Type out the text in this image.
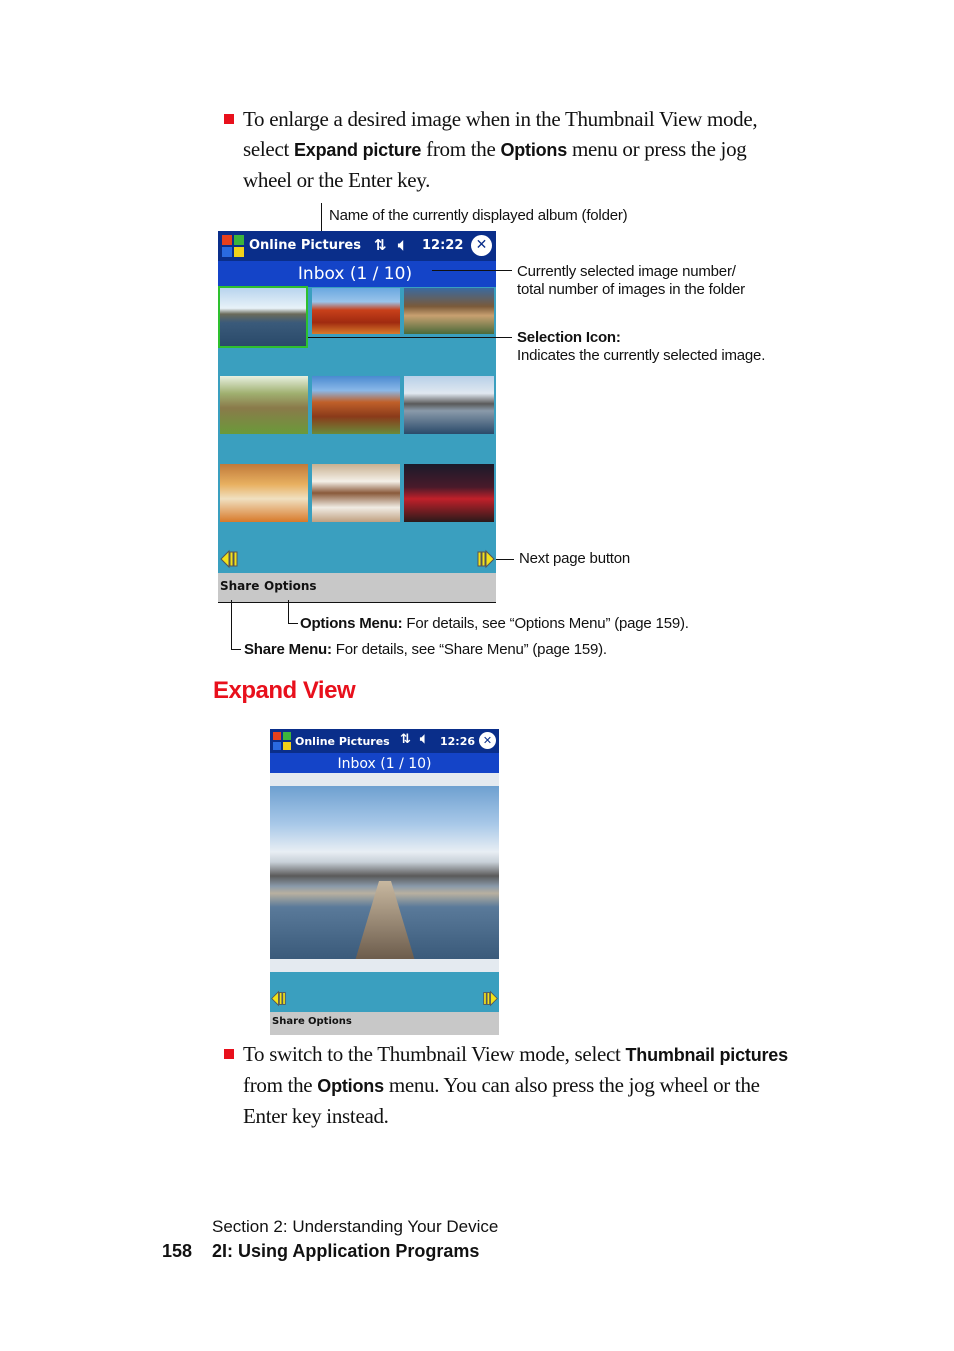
To enlarge a desired image when in the Thumbnail View mode, select Expand picture from the Options menu or press the jog wheel or the Enter key.
Name of the currently displayed album (folder)
Online Pictures ⇅ 🔈︎ 12:22 ✕
Inbox (1 / 10)
Share Options
Currently selected image number/
total number of images in the folder
Selection Icon:
Indicates the currently selected image.
Next page button
Options Menu: For details, see “Options Menu” (page 159).
Share Menu: For details, see “Share Menu” (page 159).
Expand View
Online Pictures ⇅ 🔈︎ 12:26 ✕
Inbox (1 / 10)
Share Options
To switch to the Thumbnail View mode, select Thumbnail pictures from the Options menu. You can also press the jog wheel or the Enter key instead.
Section 2: Understanding Your Device
158 2I: Using Application Programs
